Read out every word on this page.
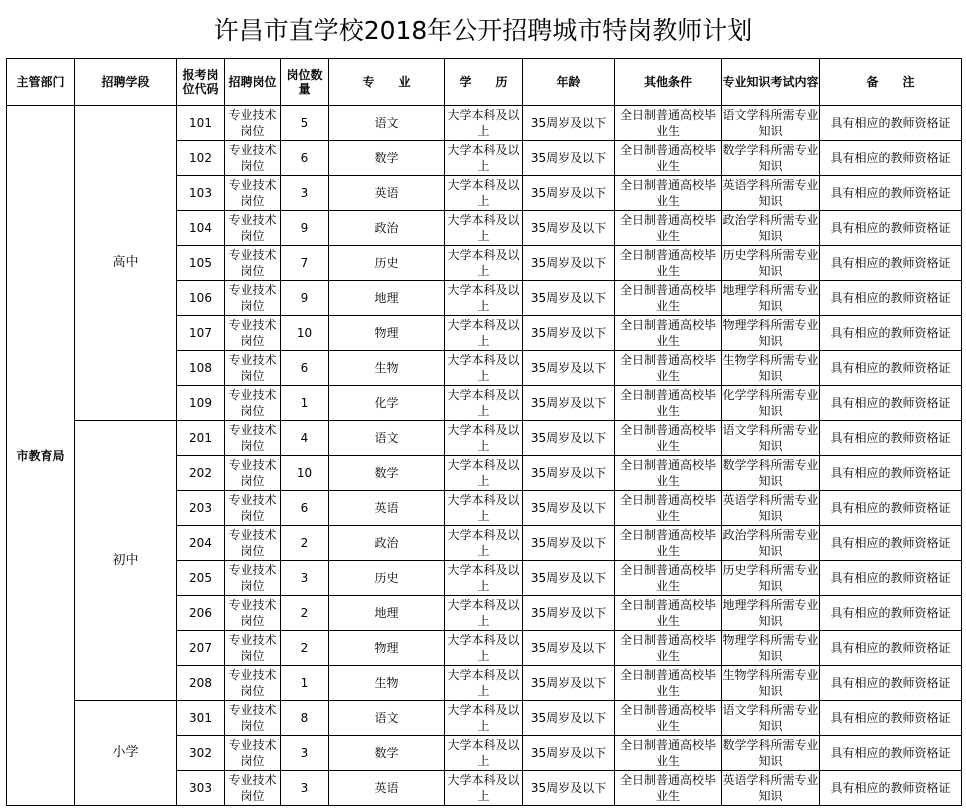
许昌市直学校2018年公开招聘城市特岗教师计划
主管部门	招聘学段	报考岗位代码	招聘岗位	岗位数量	专　　业	学　　历	年龄	其他条件	专业知识考试内容	备　　注
市教育局	高中	101	专业技术岗位	5	语文	大学本科及以上	35周岁及以下	全日制普通高校毕业生	语文学科所需专业知识	具有相应的教师资格证
		102	专业技术岗位	6	数学	大学本科及以上	35周岁及以下	全日制普通高校毕业生	数学学科所需专业知识	具有相应的教师资格证
		103	专业技术岗位	3	英语	大学本科及以上	35周岁及以下	全日制普通高校毕业生	英语学科所需专业知识	具有相应的教师资格证
		104	专业技术岗位	9	政治	大学本科及以上	35周岁及以下	全日制普通高校毕业生	政治学科所需专业知识	具有相应的教师资格证
		105	专业技术岗位	7	历史	大学本科及以上	35周岁及以下	全日制普通高校毕业生	历史学科所需专业知识	具有相应的教师资格证
		106	专业技术岗位	9	地理	大学本科及以上	35周岁及以下	全日制普通高校毕业生	地理学科所需专业知识	具有相应的教师资格证
		107	专业技术岗位	10	物理	大学本科及以上	35周岁及以下	全日制普通高校毕业生	物理学科所需专业知识	具有相应的教师资格证
		108	专业技术岗位	6	生物	大学本科及以上	35周岁及以下	全日制普通高校毕业生	生物学科所需专业知识	具有相应的教师资格证
		109	专业技术岗位	1	化学	大学本科及以上	35周岁及以下	全日制普通高校毕业生	化学学科所需专业知识	具有相应的教师资格证
	初中	201	专业技术岗位	4	语文	大学本科及以上	35周岁及以下	全日制普通高校毕业生	语文学科所需专业知识	具有相应的教师资格证
		202	专业技术岗位	10	数学	大学本科及以上	35周岁及以下	全日制普通高校毕业生	数学学科所需专业知识	具有相应的教师资格证
		203	专业技术岗位	6	英语	大学本科及以上	35周岁及以下	全日制普通高校毕业生	英语学科所需专业知识	具有相应的教师资格证
		204	专业技术岗位	2	政治	大学本科及以上	35周岁及以下	全日制普通高校毕业生	政治学科所需专业知识	具有相应的教师资格证
		205	专业技术岗位	3	历史	大学本科及以上	35周岁及以下	全日制普通高校毕业生	历史学科所需专业知识	具有相应的教师资格证
		206	专业技术岗位	2	地理	大学本科及以上	35周岁及以下	全日制普通高校毕业生	地理学科所需专业知识	具有相应的教师资格证
		207	专业技术岗位	2	物理	大学本科及以上	35周岁及以下	全日制普通高校毕业生	物理学科所需专业知识	具有相应的教师资格证
		208	专业技术岗位	1	生物	大学本科及以上	35周岁及以下	全日制普通高校毕业生	生物学科所需专业知识	具有相应的教师资格证
	小学	301	专业技术岗位	8	语文	大学本科及以上	35周岁及以下	全日制普通高校毕业生	语文学科所需专业知识	具有相应的教师资格证
		302	专业技术岗位	3	数学	大学本科及以上	35周岁及以下	全日制普通高校毕业生	数学学科所需专业知识	具有相应的教师资格证
		303	专业技术岗位	3	英语	大学本科及以上	35周岁及以下	全日制普通高校毕业生	英语学科所需专业知识	具有相应的教师资格证
